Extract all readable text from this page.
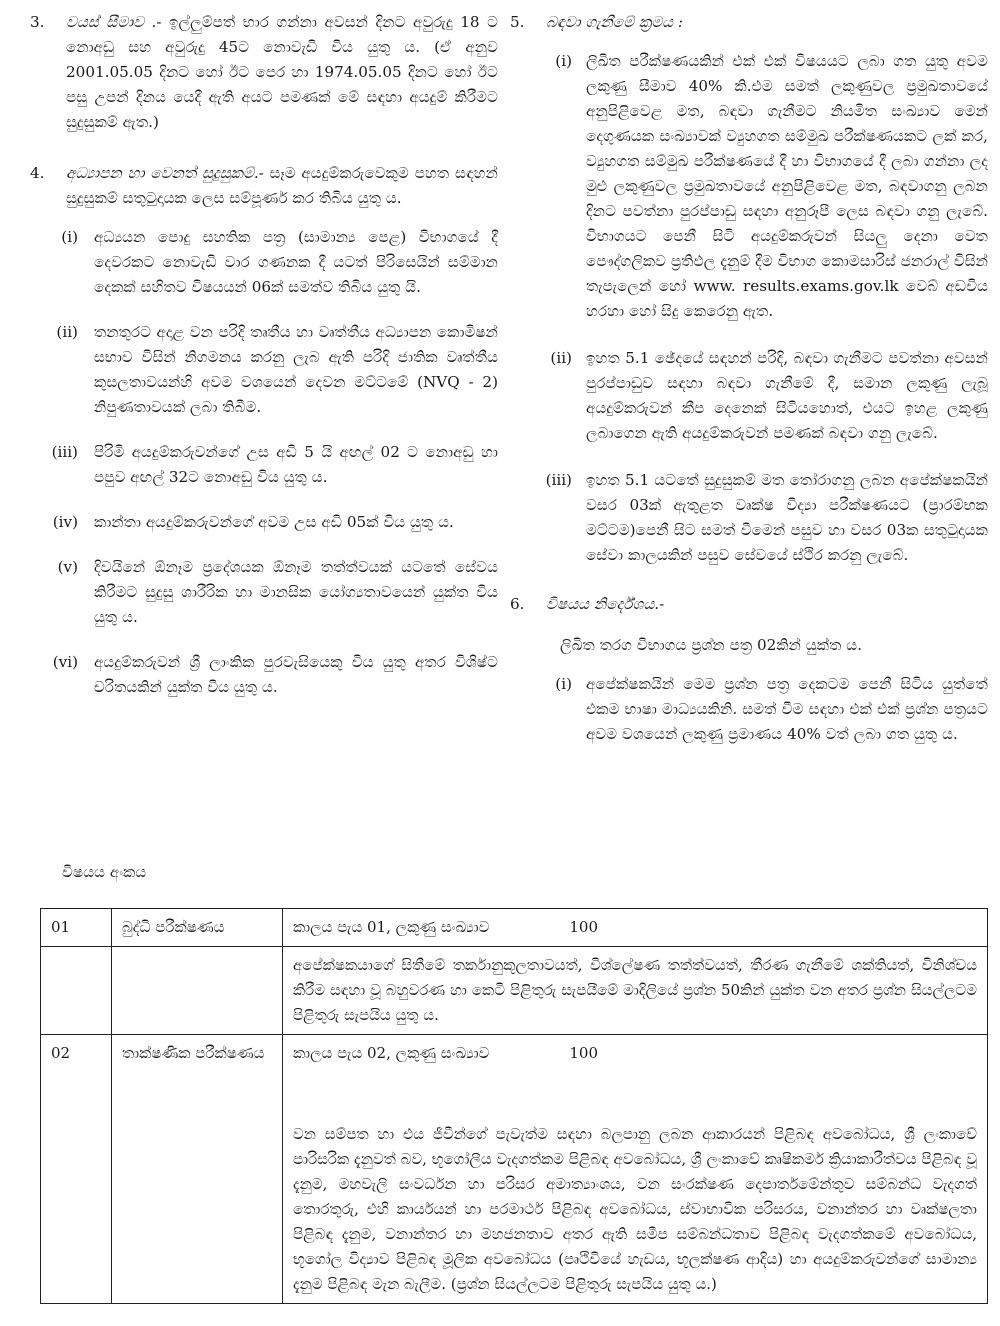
3.	වයස් සීමාව .- ඉල්ලුම්පත් භාර ගන්නා අවසන් දිනට අවුරුදු 18 ට නොඅඩු සහ අවුරුදු 45ට නොවැඩි විය යුතු ය. (ඒ අනුව 2001.05.05 දිනට හෝ ඊට පෙර හා 1974.05.05 දිනට හෝ ඊට පසු උපන් දිනය යෙදී ඇති අයට පමණක් මේ සඳහා අයදුම් කිරීමට සුදුසුකම් ඇත.)
4.	අධ්‍යාපන හා වෙනත් සුදුසුකම්.- සෑම අයදුම්කරුවෙකුම පහත සඳහන් සුදුසුකම් සතුටුදායක ලෙස සම්පූර්ණ කර තිබිය යුතු ය.
(i)	අධ්‍යයන පොදු සහතික පත්‍ර (සාමාන්‍ය පෙළ) විභාගයේ දී දෙවරකට නොවැඩි වාර ගණනක දී යටත් පිරිසෙයින් සම්මාන දෙකක් සහිතව විෂයයන් 06ක් සමත්ව තිබිය යුතු යි.
(ii)	තනතුරට අදාළ වන පරිදි තෘතීය හා වෘත්තීය අධ්‍යාපන කොමිෂන් සභාව විසින් නිගමනය කරනු ලැබ ඇති පරිදි ජාතික වෘත්තීය කුසලතාවයන්හි අවම වශයෙන් දෙවන මට්ටමේ (NVQ - 2) නිපුණතාවයක් ලබා තිබීම.
(iii)	පිරිමි අයදුම්කරුවන්ගේ උස අඩි 5 යි අඟල් 02 ට නොඅඩු හා පපුව අඟල් 32ට නොඅඩු විය යුතු ය.
(iv)	කාන්තා අයදුම්කරුවන්ගේ අවම උස අඩි 05ක් විය යුතු ය.
(v)	දිවයිනේ ඕනෑම ප්‍රදේශයක ඕනෑම තත්ත්වයක් යටතේ සේවය කිරීමට සුදුසු ශාරීරික හා මානසික යෝග්‍යතාවයෙන් යුක්ත විය යුතු ය.
(vi)	අයදුම්කරුවන් ශ්‍රී ලාංකික පුරවැසියෙකු විය යුතු අතර විශිෂ්ට චරිතයකින් යුක්ත විය යුතු ය.
5.	බඳවා ගැනීමේ ක්‍රමය :
(i) ලිඛිත පරීක්ෂණයකින් එක් එක් විෂයයට ලබා ගත යුතු අවම ලකුණු සීමාව 40% කි.එම සමත් ලකුණුවල ප්‍රමුඛතාවයේ අනුපිළිවෙළ මත, බඳවා ගැනීමට නියමිත සංඛ්‍යාව මෙන් දෙගුණයක සංඛ්‍යාවක් ව්‍යුහගත සම්මුඛ පරීක්ෂණයකට ලක් කර, ව්‍යුහගත සම්මුඛ පරීක්ෂණයේ දී හා විභාගයේ දී ලබා ගන්නා ලද මුළු ලකුණුවල ප්‍රමුඛතාවයේ අනුපිළිවෙළ මත, බඳවාගනු ලබන දිනට පවත්නා පුරප්පාඩු සඳහා අනුරූපී ලෙස බඳවා ගනු ලැබේ. විභාගයට පෙනී සිටි අයදුම්කරුවන් සියලු දෙනා වෙත පෞද්ගලිකව ප්‍රතිඵල දැනුම් දීම විභාග කොමසාරිස් ජනරාල් විසින් තැපැලෙන් හෝ www. results.exams.gov.lk වෙබ් අඩවිය හරහා හෝ සිදු කෙරෙනු ඇත.
(ii) ඉහත 5.1 ඡේදයේ සඳහන් පරිදි, බඳවා ගැනීමට පවත්නා අවසන් පුරප්පාඩුව සඳහා බඳවා ගැනීමේ දී, සමාන ලකුණු ලැබූ අයදුම්කරුවන් කීප දෙනෙක් සිටියහොත්, එයට ඉහළ ලකුණු ලබාගෙන ඇති අයදුම්කරුවන් පමණක් බඳවා ගනු ලැබේ.
(iii) ඉහත 5.1 යටතේ සුදුසුකම් මත තෝරාගනු ලබන අපේක්ෂකයින් වසර 03ක් ඇතුළත වෘක්ෂ විද්‍යා පරීක්ෂණයට (ප්‍රාරම්භක මට්ටම)පෙනී සිට සමත් වීමෙන් පසුව හා වසර 03ක සතුටුදායක සේවා කාලයකින් පසුව සේවයේ ස්ථිර කරනු ලැබේ.
6.	විෂයය නිර්දේශය.-
ලිඛිත තරග විභාගය ප්‍රශ්න පත්‍ර 02කින් යුක්ත ය.
(i) අපේක්ෂකයින් මෙම ප්‍රශ්න පත්‍ර දෙකටම පෙනී සිටිය යුත්තේ එකම භාෂා මාධ්‍යයකිනි. සමත් වීම සඳහා එක් එක් ප්‍රශ්න පත්‍රයට අවම වශයෙන් ලකුණු ප්‍රමාණය 40% වත් ලබා ගත යුතු ය.
විෂයය අංකය
01	බුද්ධි පරීක්ෂණය	කාලය පැය 01, ලකුණු සංඛ්‍යාව 100
		අපේක්ෂකයාගේ සිතීමේ තර්කානුකූලතාවයත්, විශ්ලේෂණ තත්ත්වයත්, තීරණ ගැනීමේ ශක්තියත්, විනිශ්චය කිරීම සඳහා වූ බහුවරණ හා කෙටි පිළිතුරු සැපයීමේ මාදිලියේ ප්‍රශ්න 50කින් යුක්ත වන අතර ප්‍රශ්න සියල්ලටම පිළිතුරු සැපයිය යුතු ය.
02	තාක්ෂණික පරීක්ෂණය	කාලය පැය 02, ලකුණු සංඛ්‍යාව 100
වන සම්පත හා එය ජීවීන්ගේ පැවැත්ම සඳහා බලපානු ලබන ආකාරයන් පිළිබඳ අවබෝධය, ශ්‍රී ලංකාවේ පාරිසරික දැනුවත් බව, භූගෝලීය වැදගත්කම පිළිබඳ අවබෝධය, ශ්‍රී ලංකාවේ කෘෂිකර්ම ක්‍රියාකාරීත්වය පිළිබඳ වූ දැනුම, මහවැලි සංවර්ධන හා පරිසර අමාත්‍යාංශය, වන සංරක්ෂණ දෙපාර්තමේන්තුව සම්බන්ධ වැදගත් තොරතුරු, එහි කාර්යයන් හා පරමාර්ථ පිළිබඳ අවබෝධය, ස්වාභාවික පරිසරය, වනාන්තර හා වෘක්ෂලතා පිළිබඳ දැනුම, වනාන්තර හා මහජනතාව අතර ඇති සමීප සම්බන්ධතාව පිළිබඳ වැදගත්කමේ අවබෝධය, භූගෝල විද්‍යාව පිළිබඳ මූලික අවබෝධය (පෘථිවියේ හැඩය, භූලක්ෂණ ආදිය) හා අයදුම්කරුවන්ගේ සාමාන්‍ය දැනුම පිළිබඳ මැන බැලීම. (ප්‍රශ්න සියල්ලටම පිළිතුරු සැපයිය යුතු ය.)
